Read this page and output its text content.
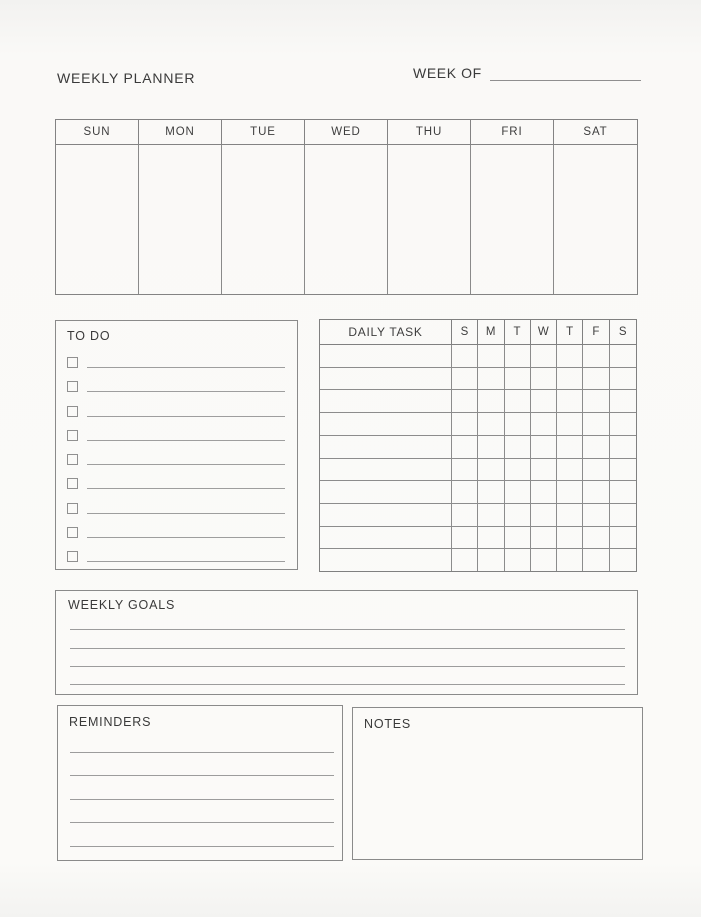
WEEKLY PLANNER	WEEK OF
SUN	MON	TUE	WED	THU	FRI	SAT
TO DO	DAILY TASK	S	M	T	W	T	F	S
WEEKLY GOALS
REMINDERS	NOTES
